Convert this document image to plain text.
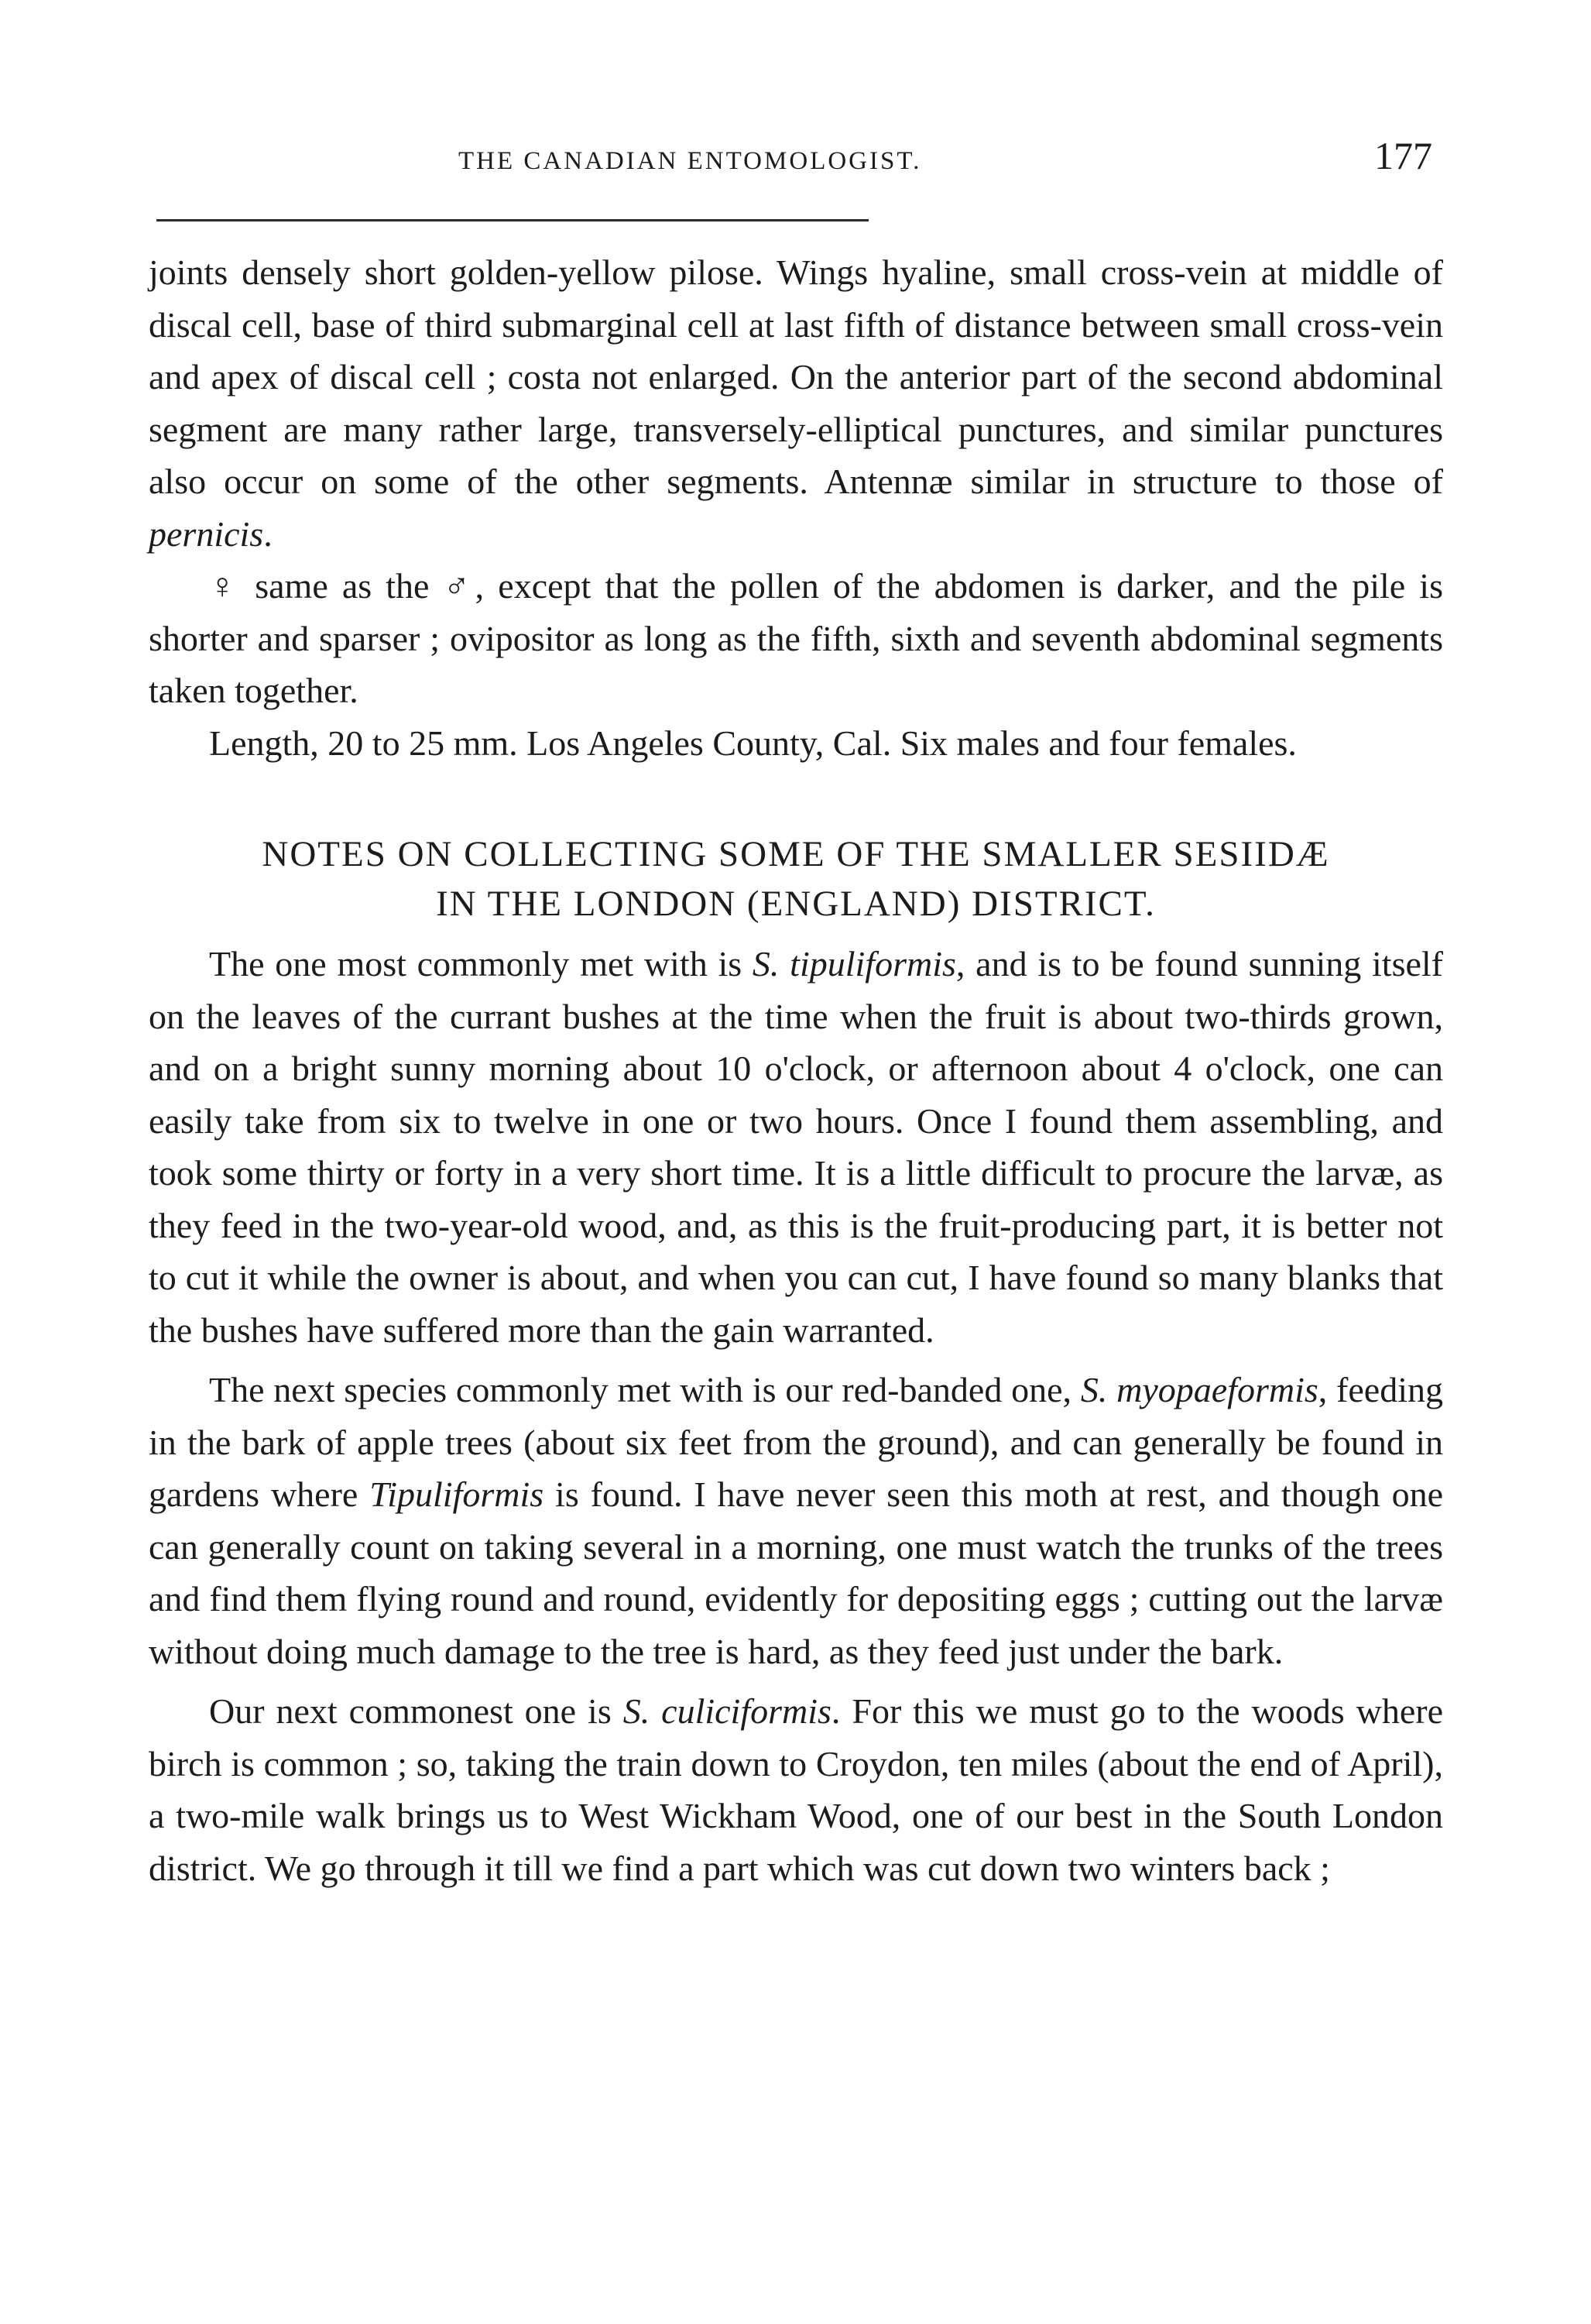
THE CANADIAN ENTOMOLOGIST.	177

joints densely short golden-yellow pilose. Wings hyaline, small cross-vein at middle of discal cell, base of third submarginal cell at last fifth of distance between small cross-vein and apex of discal cell ; costa not enlarged. On the anterior part of the second abdominal segment are many rather large, transversely-elliptical punctures, and similar punctures also occur on some of the other segments. Antennæ similar in structure to those of pernicis.

♀ same as the ♂, except that the pollen of the abdomen is darker, and the pile is shorter and sparser ; ovipositor as long as the fifth, sixth and seventh abdominal segments taken together.

Length, 20 to 25 mm. Los Angeles County, Cal. Six males and four females.

NOTES ON COLLECTING SOME OF THE SMALLER SESIIDÆ

IN THE LONDON (ENGLAND) DISTRICT.

The one most commonly met with is S. tipuliformis, and is to be found sunning itself on the leaves of the currant bushes at the time when the fruit is about two-thirds grown, and on a bright sunny morning about 10 o'clock, or afternoon about 4 o'clock, one can easily take from six to twelve in one or two hours. Once I found them assembling, and took some thirty or forty in a very short time. It is a little difficult to procure the larvæ, as they feed in the two-year-old wood, and, as this is the fruit-producing part, it is better not to cut it while the owner is about, and when you can cut, I have found so many blanks that the bushes have suffered more than the gain warranted.

The next species commonly met with is our red-banded one, S. myopaeformis, feeding in the bark of apple trees (about six feet from the ground), and can generally be found in gardens where Tipuliformis is found. I have never seen this moth at rest, and though one can generally count on taking several in a morning, one must watch the trunks of the trees and find them flying round and round, evidently for depositing eggs ; cutting out the larvæ without doing much damage to the tree is hard, as they feed just under the bark.

Our next commonest one is S. culiciformis. For this we must go to the woods where birch is common ; so, taking the train down to Croydon, ten miles (about the end of April), a two-mile walk brings us to West Wickham Wood, one of our best in the South London district. We go through it till we find a part which was cut down two winters back ;
